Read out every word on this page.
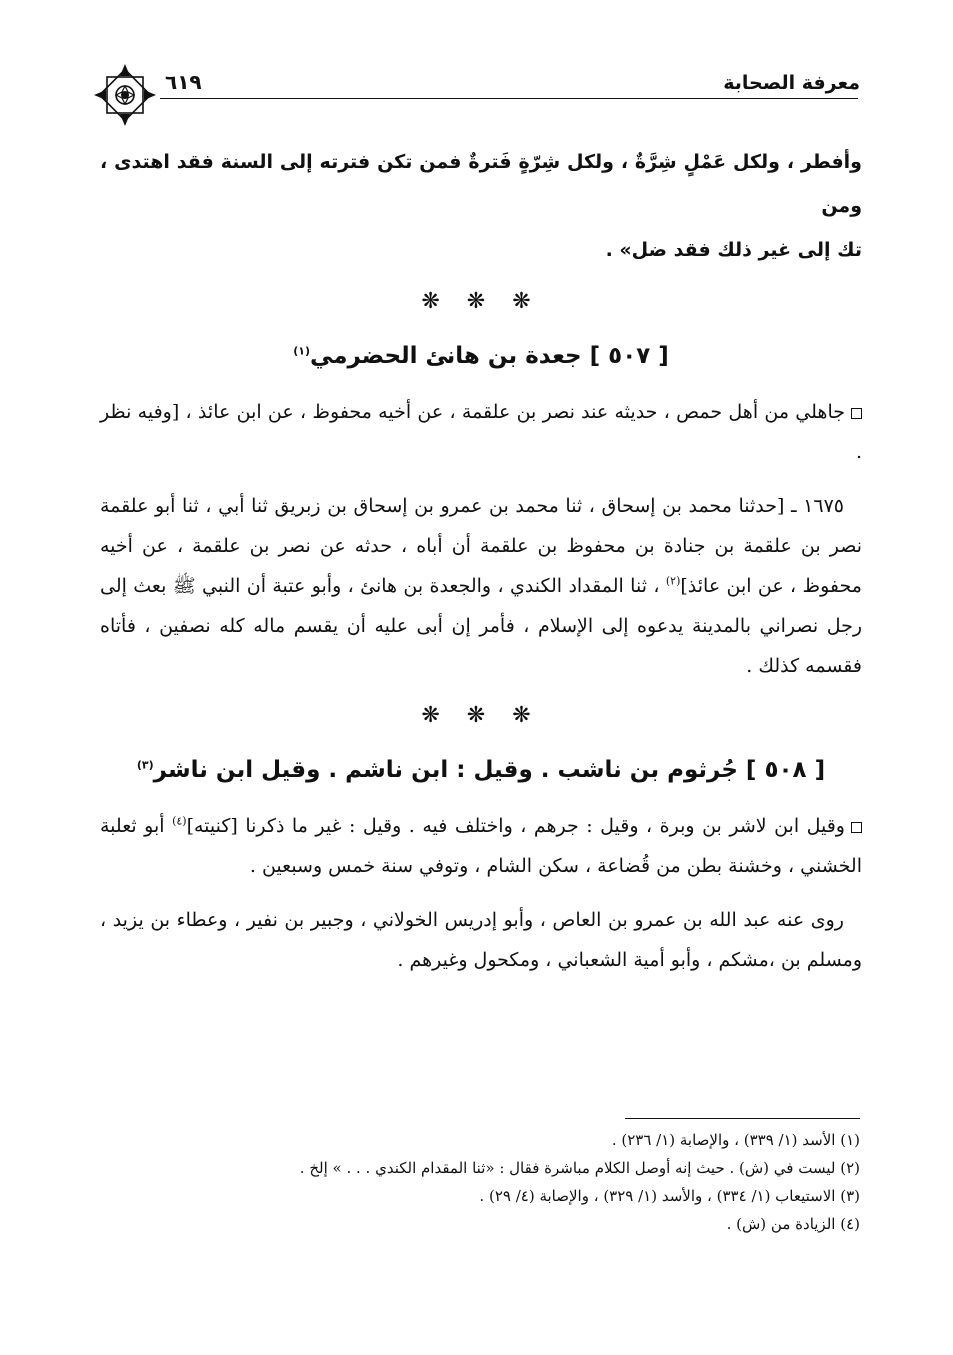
معرفة الصحابة
٦١٩

وأفطر ، ولكل عَمْلٍ شِرَّةٌ ، ولكل شِرّةٍ فَترةٌ فمن تكن فترته إلى السنة فقد اهتدى ، ومن
تك إلى غير ذلك فقد ضل» .

❋ ❋ ❋
[ ٥٠٧ ] جعدة بن هانئ الحضرمي$^{(١)}$

جاهلي من أهل حمص ، حديثه عند نصر بن علقمة ، عن أخيه محفوظ ، عن ابن عائذ ، [وفيه نظر .

١٦٧٥ ـ [حدثنا محمد بن إسحاق ، ثنا محمد بن عمرو بن إسحاق بن زبريق ثنا أبي ، ثنا أبو علقمة نصر بن علقمة بن جنادة بن محفوظ بن علقمة أن أباه ، حدثه عن نصر بن علقمة ، عن أخيه محفوظ ، عن ابن عائذ]$^{(٢)}$ ، ثنا المقداد الكندي ، والجعدة بن هانئ ، وأبو عتبة أن النبي ﷺ بعث إلى رجل نصراني بالمدينة يدعوه إلى الإسلام ، فأمر إن أبى عليه أن يقسم ماله كله نصفين ، فأتاه فقسمه كذلك .

❋ ❋ ❋
[ ٥٠٨ ] جُرثوم بن ناشب . وقيل : ابن ناشم . وقيل ابن ناشر$^{(٣)}$

وقيل ابن لاشر بن وبرة ، وقيل : جرهم ، واختلف فيه . وقيل : غير ما ذكرنا [كنيته]$^{(٤)}$ أبو ثعلبة الخشني ، وخشنة بطن من قُضاعة ، سكن الشام ، وتوفي سنة خمس وسبعين .

روى عنه عبد الله بن عمرو بن العاص ، وأبو إدريس الخولاني ، وجبير بن نفير ، وعطاء بن يزيد ، ومسلم بن ،مشكم ، وأبو أمية الشعباني ، ومكحول وغيرهم .

(١) الأسد (١/ ٣٣٩) ، والإصابة (١/ ٢٣٦) .

(٢) ليست في (ش) . حيث إنه أوصل الكلام مباشرة فقال : «ثنا المقدام الكندي . . . » إلخ .

(٣) الاستيعاب (١/ ٣٣٤) ، والأسد (١/ ٣٢٩) ، والإصابة (٤/ ٢٩) .

(٤) الزيادة من (ش) .
